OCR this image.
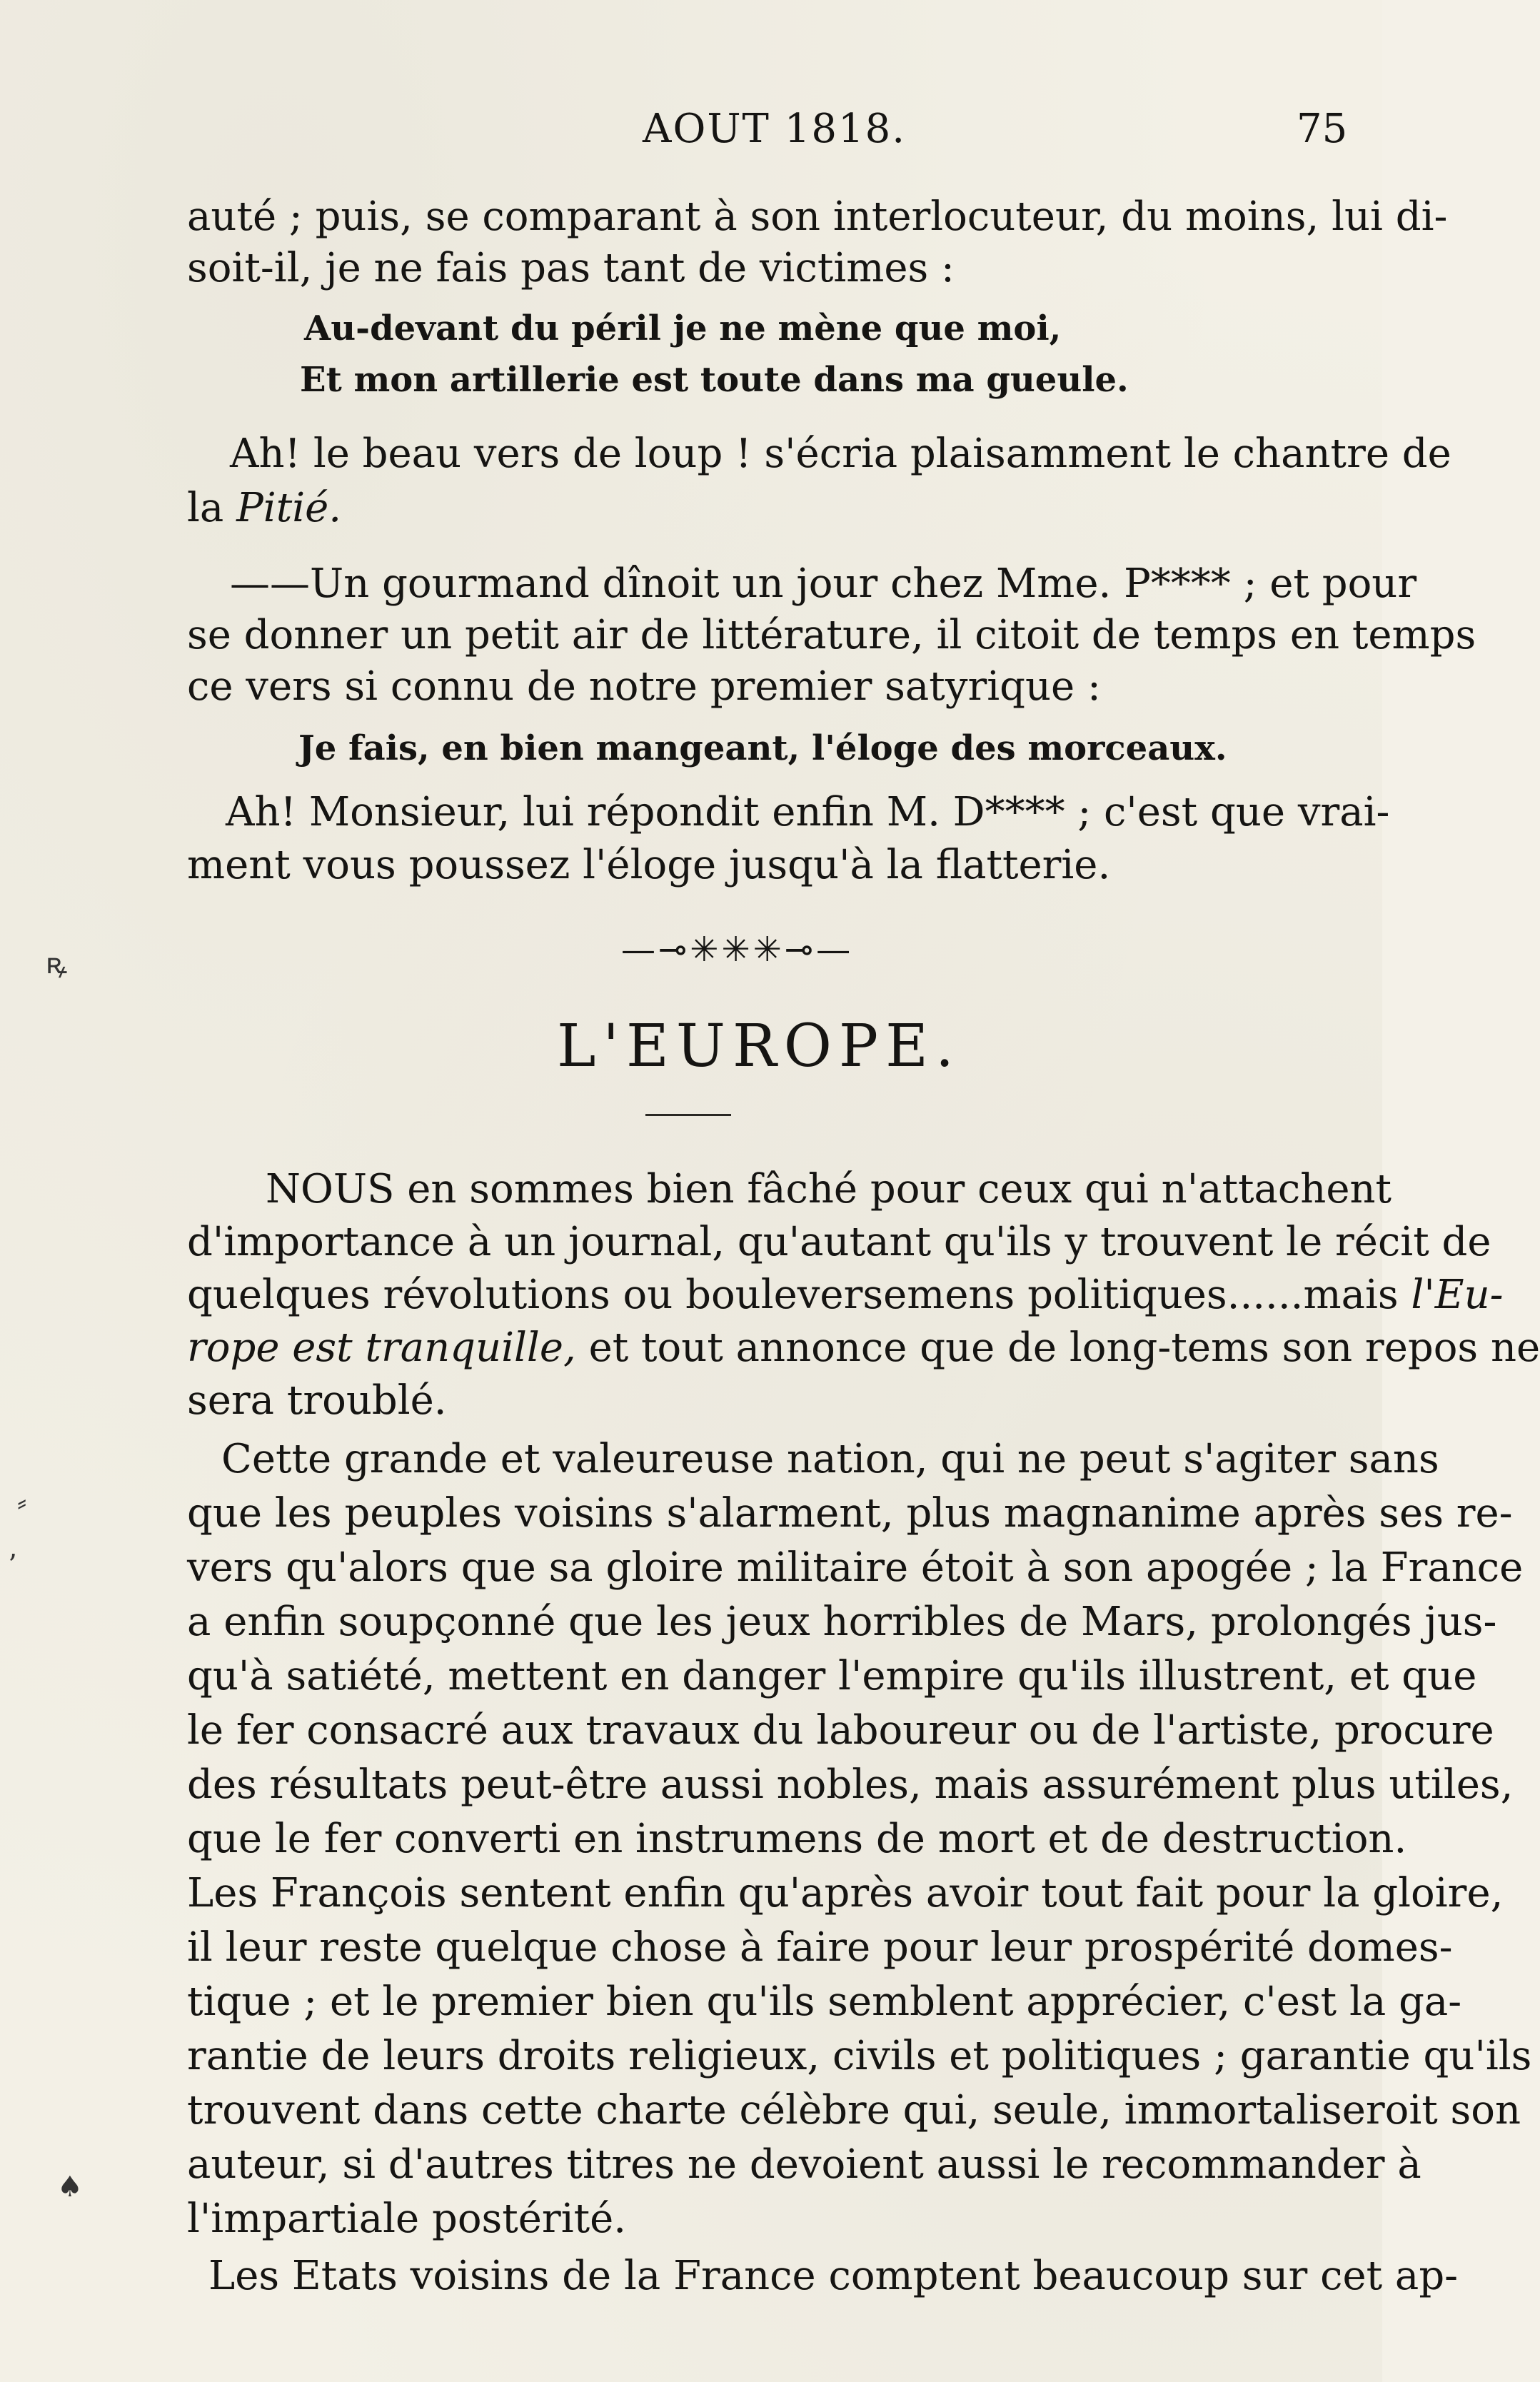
AOUT 1818.	75
auté ; puis, se comparant à son interlocuteur, du moins, lui di-
soit-il, je ne fais pas tant de victimes :
Au-devant du péril je ne mène que moi,
Et mon artillerie est toute dans ma gueule.
Ah! le beau vers de loup ! s'écria plaisamment le chantre de
la Pitié.
——Un gourmand dînoit un jour chez Mme. P**** ; et pour
se donner un petit air de littérature, il citoit de temps en temps
ce vers si connu de notre premier satyrique :
Je fais, en bien mangeant, l'éloge des morceaux.
Ah! Monsieur, lui répondit enfin M. D**** ; c'est que vrai-
ment vous poussez l'éloge jusqu'à la flatterie.
—⊸✳✳✳⊸—
L'EUROPE.
NOUS en sommes bien fâché pour ceux qui n'attachent
d'importance à un journal, qu'autant qu'ils y trouvent le récit de
quelques révolutions ou bouleversemens politiques......mais l'Eu-
rope est tranquille, et tout annonce que de long-tems son repos ne
sera troublé.
Cette grande et valeureuse nation, qui ne peut s'agiter sans
que les peuples voisins s'alarment, plus magnanime après ses re-
vers qu'alors que sa gloire militaire étoit à son apogée ; la France
a enfin soupçonné que les jeux horribles de Mars, prolongés jus-
qu'à satiété, mettent en danger l'empire qu'ils illustrent, et que
le fer consacré aux travaux du laboureur ou de l'artiste, procure
des résultats peut-être aussi nobles, mais assurément plus utiles,
que le fer converti en instrumens de mort et de destruction.
Les François sentent enfin qu'après avoir tout fait pour la gloire,
il leur reste quelque chose à faire pour leur prospérité domes-
tique ; et le premier bien qu'ils semblent apprécier, c'est la ga-
rantie de leurs droits religieux, civils et politiques ; garantie qu'ils
trouvent dans cette charte célèbre qui, seule, immortaliseroit son
auteur, si d'autres titres ne devoient aussi le recommander à
l'impartiale postérité.
Les Etats voisins de la France comptent beaucoup sur cet ap-
ꝶ
⸗
ʼ
♠
